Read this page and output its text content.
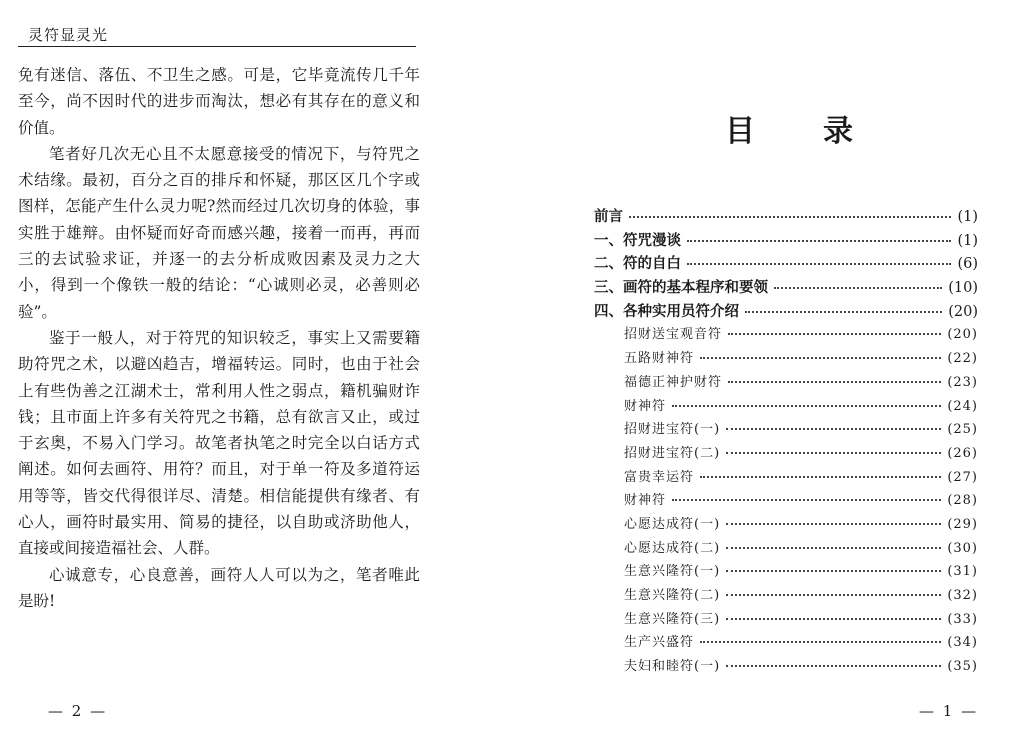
灵符显灵光

免有迷信、落伍、不卫生之感。可是，它毕竟流传几千年至今，尚不因时代的进步而淘汰，想必有其存在的意义和价值。

笔者好几次无心且不太愿意接受的情况下，与符咒之术结缘。最初，百分之百的排斥和怀疑，那区区几个字或图样，怎能产生什么灵力呢?然而经过几次切身的体验，事实胜于雄辩。由怀疑而好奇而感兴趣，接着一而再，再而三的去试验求证，并逐一的去分析成败因素及灵力之大小，得到一个像铁一般的结论：“心诚则必灵，必善则必验”。

鉴于一般人，对于符咒的知识较乏，事实上又需要籍助符咒之术，以避凶趋吉，增福转运。同时，也由于社会上有些伪善之江湖术士，常利用人性之弱点，籍机骗财诈钱；且市面上许多有关符咒之书籍，总有欲言又止，或过于玄奥，不易入门学习。故笔者执笔之时完全以白话方式阐述。如何去画符、用符？而且，对于单一符及多道符运用等等，皆交代得很详尽、清楚。相信能提供有缘者、有心人，画符时最实用、简易的捷径，以自助或济助他人，直接或间接造福社会、人群。

心诚意专，心良意善，画符人人可以为之，笔者唯此是盼!

— 2 —
目录
前言	(1)
一、符咒漫谈	(1)
二、符的自白	(6)
三、画符的基本程序和要领	(10)
四、各种实用员符介绍	(20)
招财送宝观音符	(20)
五路财神符	(22)
福德正神护财符	(23)
财神符	(24)
招财进宝符(一)	(25)
招财进宝符(二)	(26)
富贵幸运符	(27)
财神符	(28)
心愿达成符(一)	(29)
心愿达成符(二)	(30)
生意兴隆符(一)	(31)
生意兴隆符(二)	(32)
生意兴隆符(三)	(33)
生产兴盛符	(34)
夫妇和睦符(一)	(35)
— 1 —
